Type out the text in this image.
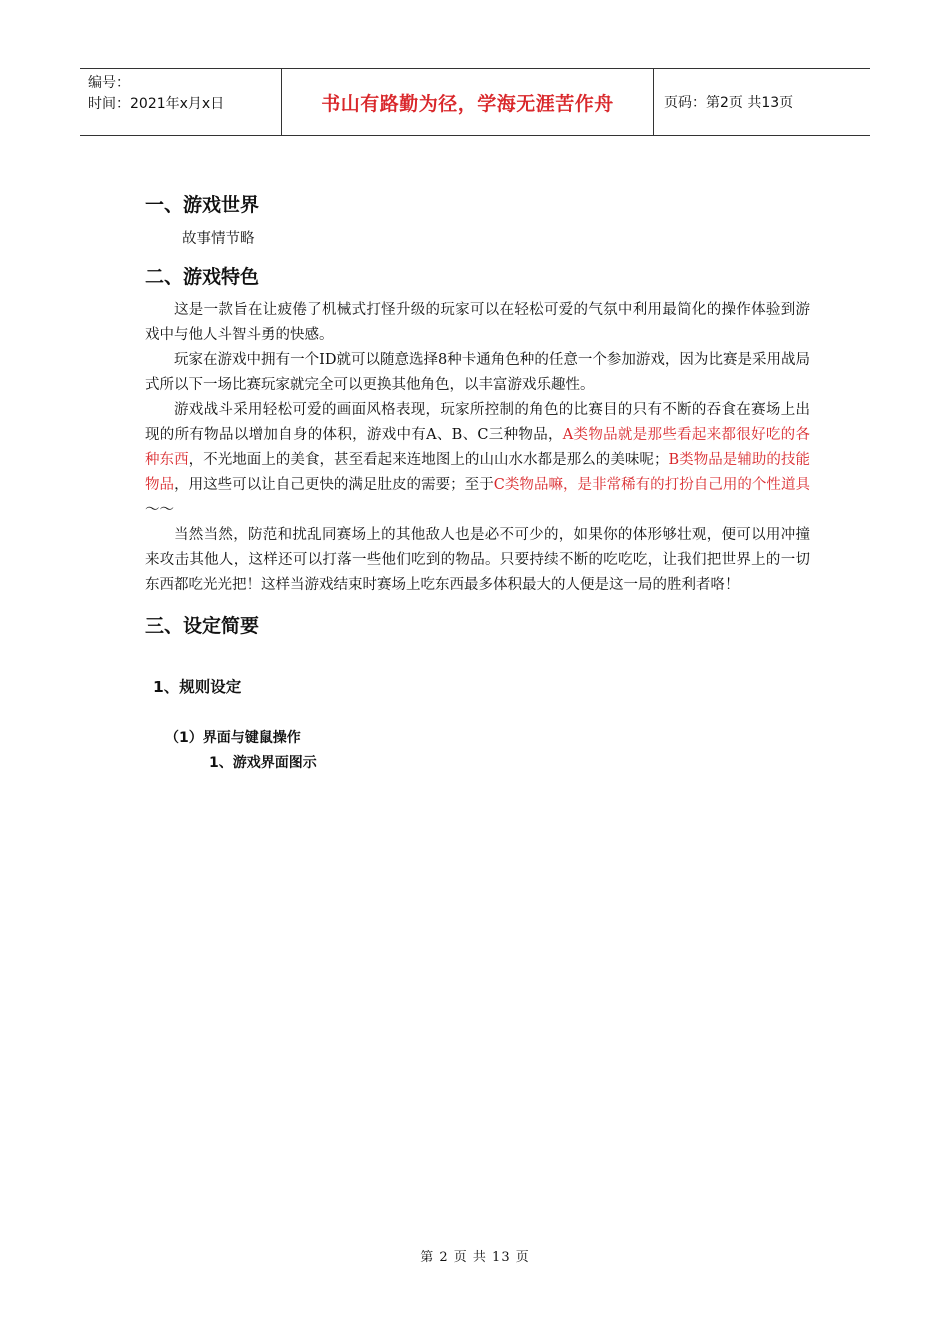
编号：
时间：2021年x月x日	书山有路勤为径，学海无涯苦作舟	页码：第2页 共13页
一、游戏世界

故事情节略

二、游戏特色

这是一款旨在让疲倦了机械式打怪升级的玩家可以在轻松可爱的气氛中利用最简化的操作体验到游戏中与他人斗智斗勇的快感。

玩家在游戏中拥有一个ID就可以随意选择8种卡通角色种的任意一个参加游戏，因为比赛是采用战局式所以下一场比赛玩家就完全可以更换其他角色，以丰富游戏乐趣性。

游戏战斗采用轻松可爱的画面风格表现，玩家所控制的角色的比赛目的只有不断的吞食在赛场上出现的所有物品以增加自身的体积，游戏中有A、B、C三种物品，A类物品就是那些看起来都很好吃的各种东西，不光地面上的美食，甚至看起来连地图上的山山水水都是那么的美味呢；B类物品是辅助的技能物品，用这些可以让自己更快的满足肚皮的需要；至于C类物品嘛，是非常稀有的打扮自己用的个性道具～～

当然当然，防范和扰乱同赛场上的其他敌人也是必不可少的，如果你的体形够壮观，便可以用冲撞来攻击其他人，这样还可以打落一些他们吃到的物品。只要持续不断的吃吃吃，让我们把世界上的一切东西都吃光光把！这样当游戏结束时赛场上吃东西最多体积最大的人便是这一局的胜利者咯！

三、设定简要
1、规则设定
（1）界面与键鼠操作
1、游戏界面图示
第 2 页 共 13 页
